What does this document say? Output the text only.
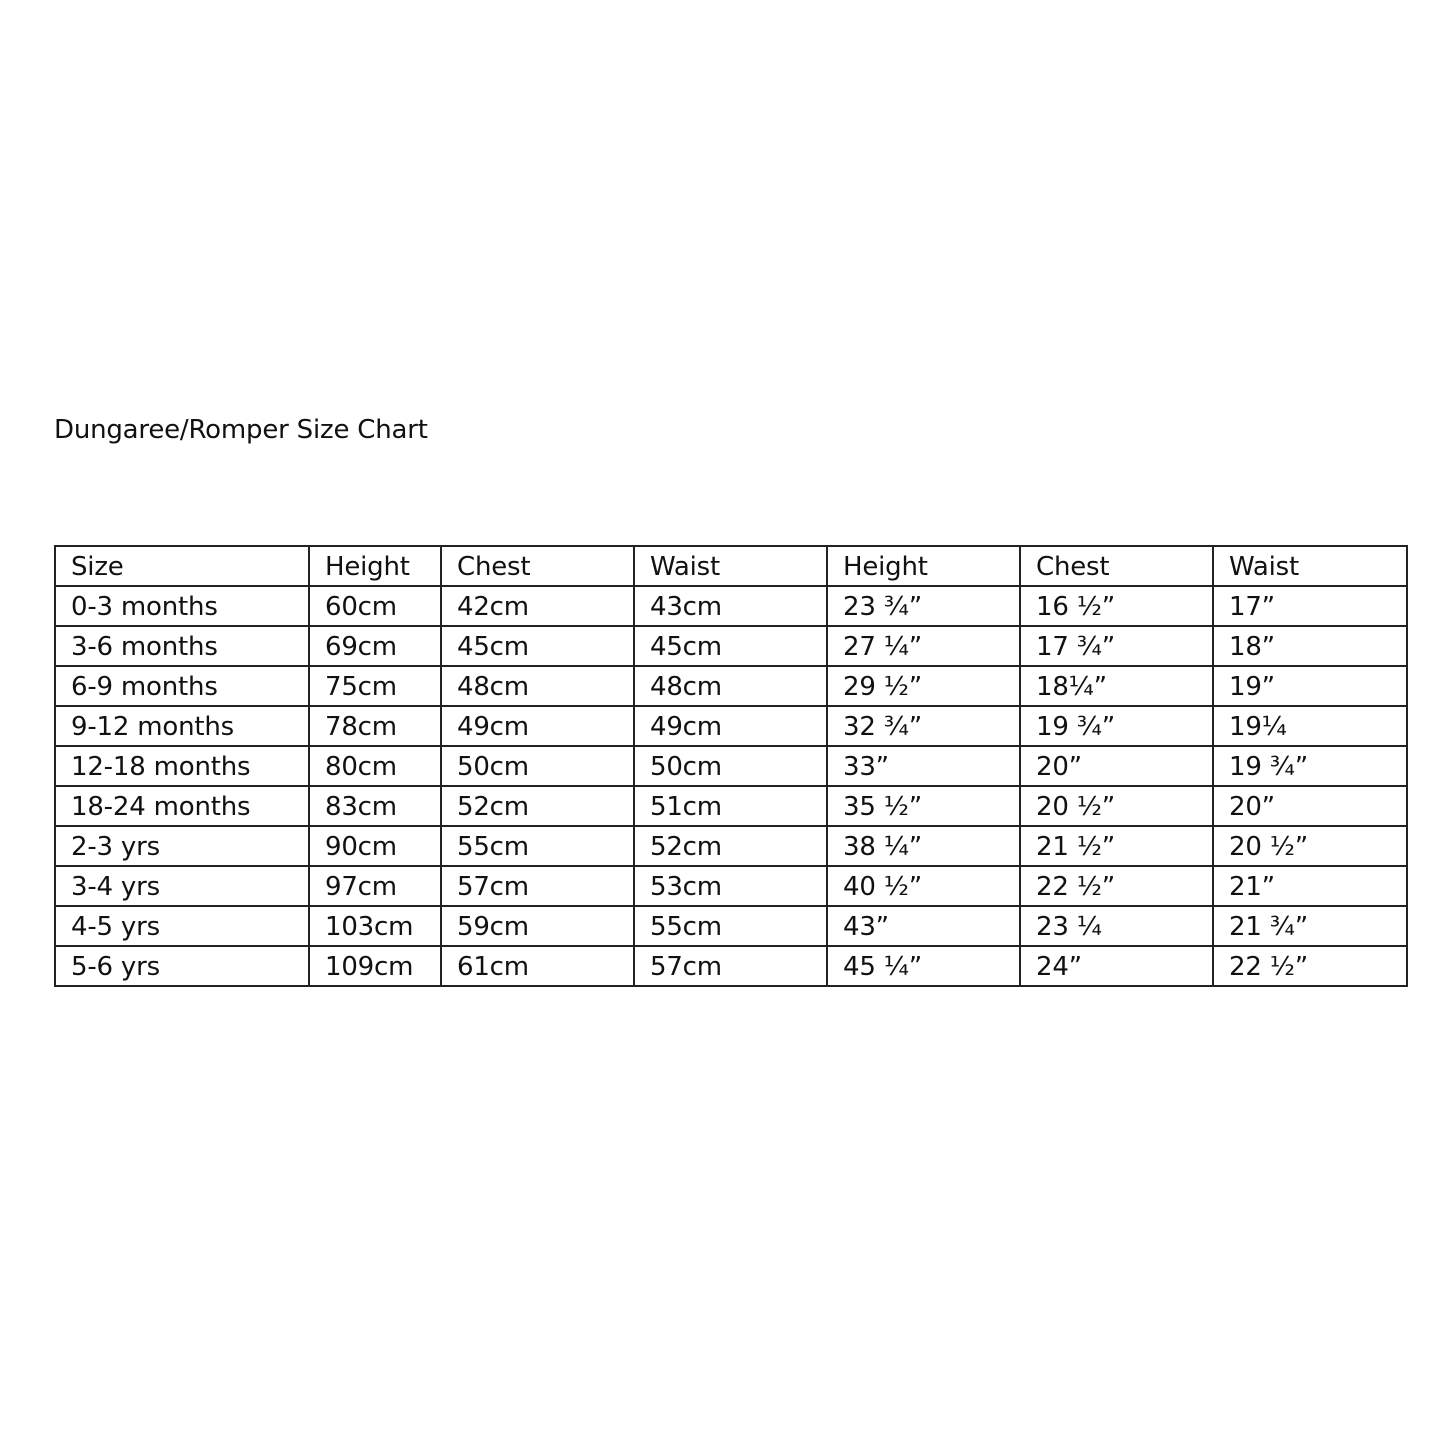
Dungaree/Romper Size Chart
Size	Height	Chest	Waist	Height	Chest	Waist
0-3 months	60cm	42cm	43cm	23 ¾”	16 ½”	17”
3-6 months	69cm	45cm	45cm	27 ¼”	17 ¾”	18”
6-9 months	75cm	48cm	48cm	29 ½”	18¼”	19”
9-12 months	78cm	49cm	49cm	32 ¾”	19 ¾”	19¼
12-18 months	80cm	50cm	50cm	33”	20”	19 ¾”
18-24 months	83cm	52cm	51cm	35 ½”	20 ½”	20”
2-3 yrs	90cm	55cm	52cm	38 ¼”	21 ½”	20 ½”
3-4 yrs	97cm	57cm	53cm	40 ½”	22 ½”	21”
4-5 yrs	103cm	59cm	55cm	43”	23 ¼	21 ¾”
5-6 yrs	109cm	61cm	57cm	45 ¼”	24”	22 ½”
